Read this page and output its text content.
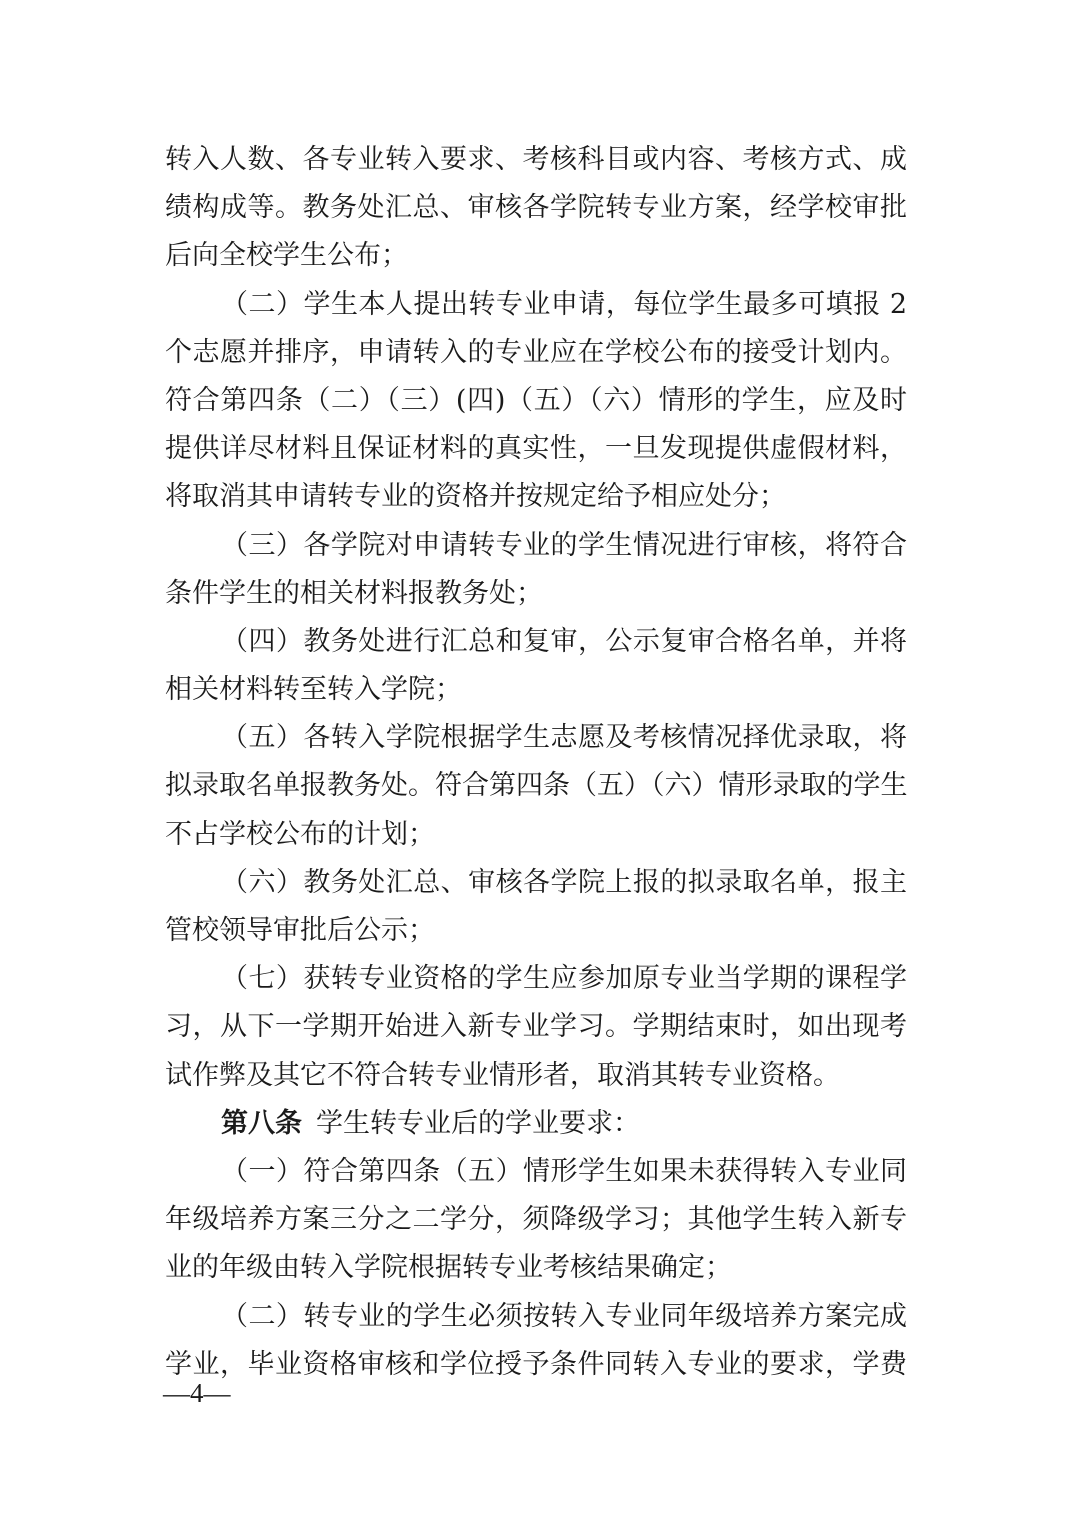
转入人数、各专业转入要求、考核科目或内容、考核方式、成
绩构成等。教务处汇总、审核各学院转专业方案，经学校审批
后向全校学生公布；
（二）学生本人提出转专业申请，每位学生最多可填报 2
个志愿并排序，申请转入的专业应在学校公布的接受计划内。
符合第四条（二）（三）(四)（五）（六）情形的学生，应及时
提供详尽材料且保证材料的真实性，一旦发现提供虚假材料，
将取消其申请转专业的资格并按规定给予相应处分；
（三）各学院对申请转专业的学生情况进行审核，将符合
条件学生的相关材料报教务处；
（四）教务处进行汇总和复审，公示复审合格名单，并将
相关材料转至转入学院；
（五）各转入学院根据学生志愿及考核情况择优录取，将
拟录取名单报教务处。符合第四条（五）（六）情形录取的学生
不占学校公布的计划；
（六）教务处汇总、审核各学院上报的拟录取名单，报主
管校领导审批后公示；
（七）获转专业资格的学生应参加原专业当学期的课程学
习，从下一学期开始进入新专业学习。学期结束时，如出现考
试作弊及其它不符合转专业情形者，取消其转专业资格。
第八条 学生转专业后的学业要求：
（一）符合第四条（五）情形学生如果未获得转入专业同
年级培养方案三分之二学分，须降级学习；其他学生转入新专
业的年级由转入学院根据转专业考核结果确定；
（二）转专业的学生必须按转入专业同年级培养方案完成
学业，毕业资格审核和学位授予条件同转入专业的要求，学费
—4—
